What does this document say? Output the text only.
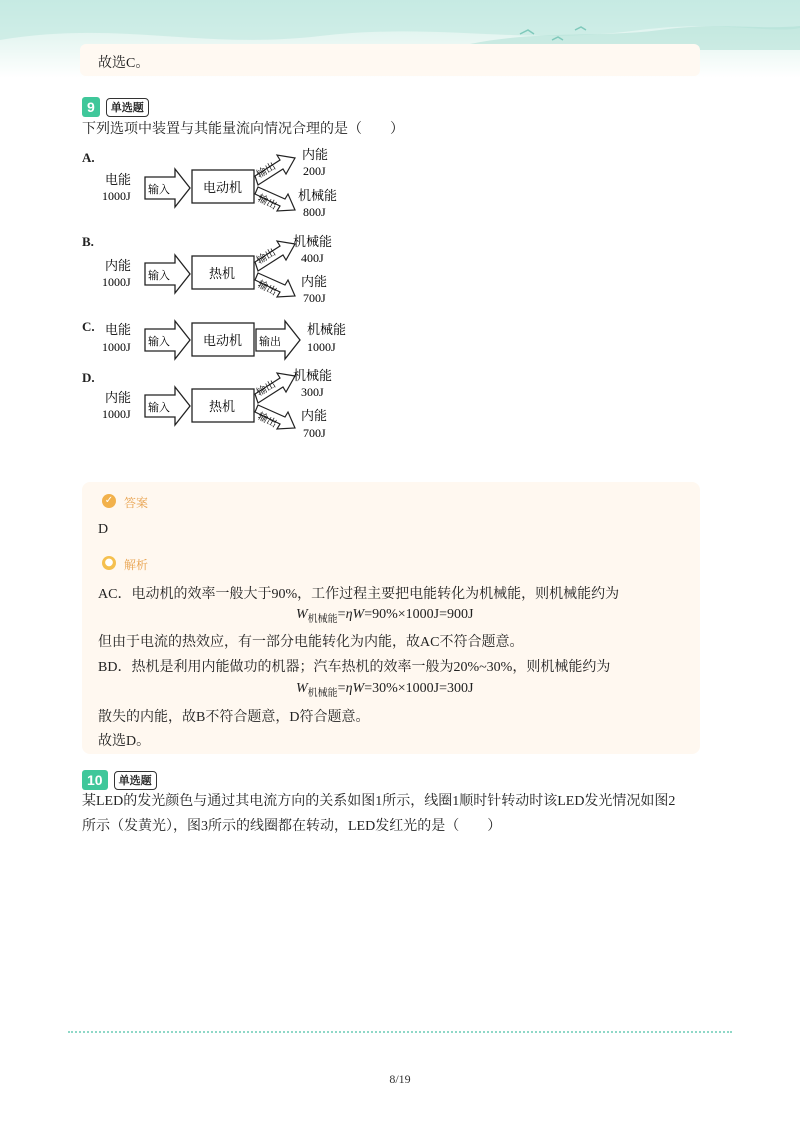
故选C。
9	单选题
下列选项中装置与其能量流向情况合理的是（　　）
A.
电能
1000J 输入	电动机
输出
输出
内能
200J
机械能
800J
B.
内能
1000J 输入	热机
输出
输出
机械能
400J
内能
700J
C. 电能
1000J 输入	电动机 输出
机械能
1000J
D.
内能
1000J 输入	热机
输出
输出
机械能
300J
内能
700J
✓ 答案
D
● 解析
AC．电动机的效率一般大于90%，工作过程主要把电能转化为机械能，则机械能约为
$W_{机械能}=\eta W=90\%\times 1000J=900J$
但由于电流的热效应，有一部分电能转化为内能，故AC不符合题意。
BD．热机是利用内能做功的机器；汽车热机的效率一般为20%~30%，则机械能约为
$W_{机械能}=\eta W=30\%\times 1000J=300J$
散失的内能，故B不符合题意，D符合题意。
故选D。
10	单选题
某LED的发光颜色与通过其电流方向的关系如图1所示，线圈1顺时针转动时该LED发光情况如图2
所示（发黄光），图3所示的线圈都在转动，LED发红光的是（　　）
8/19
